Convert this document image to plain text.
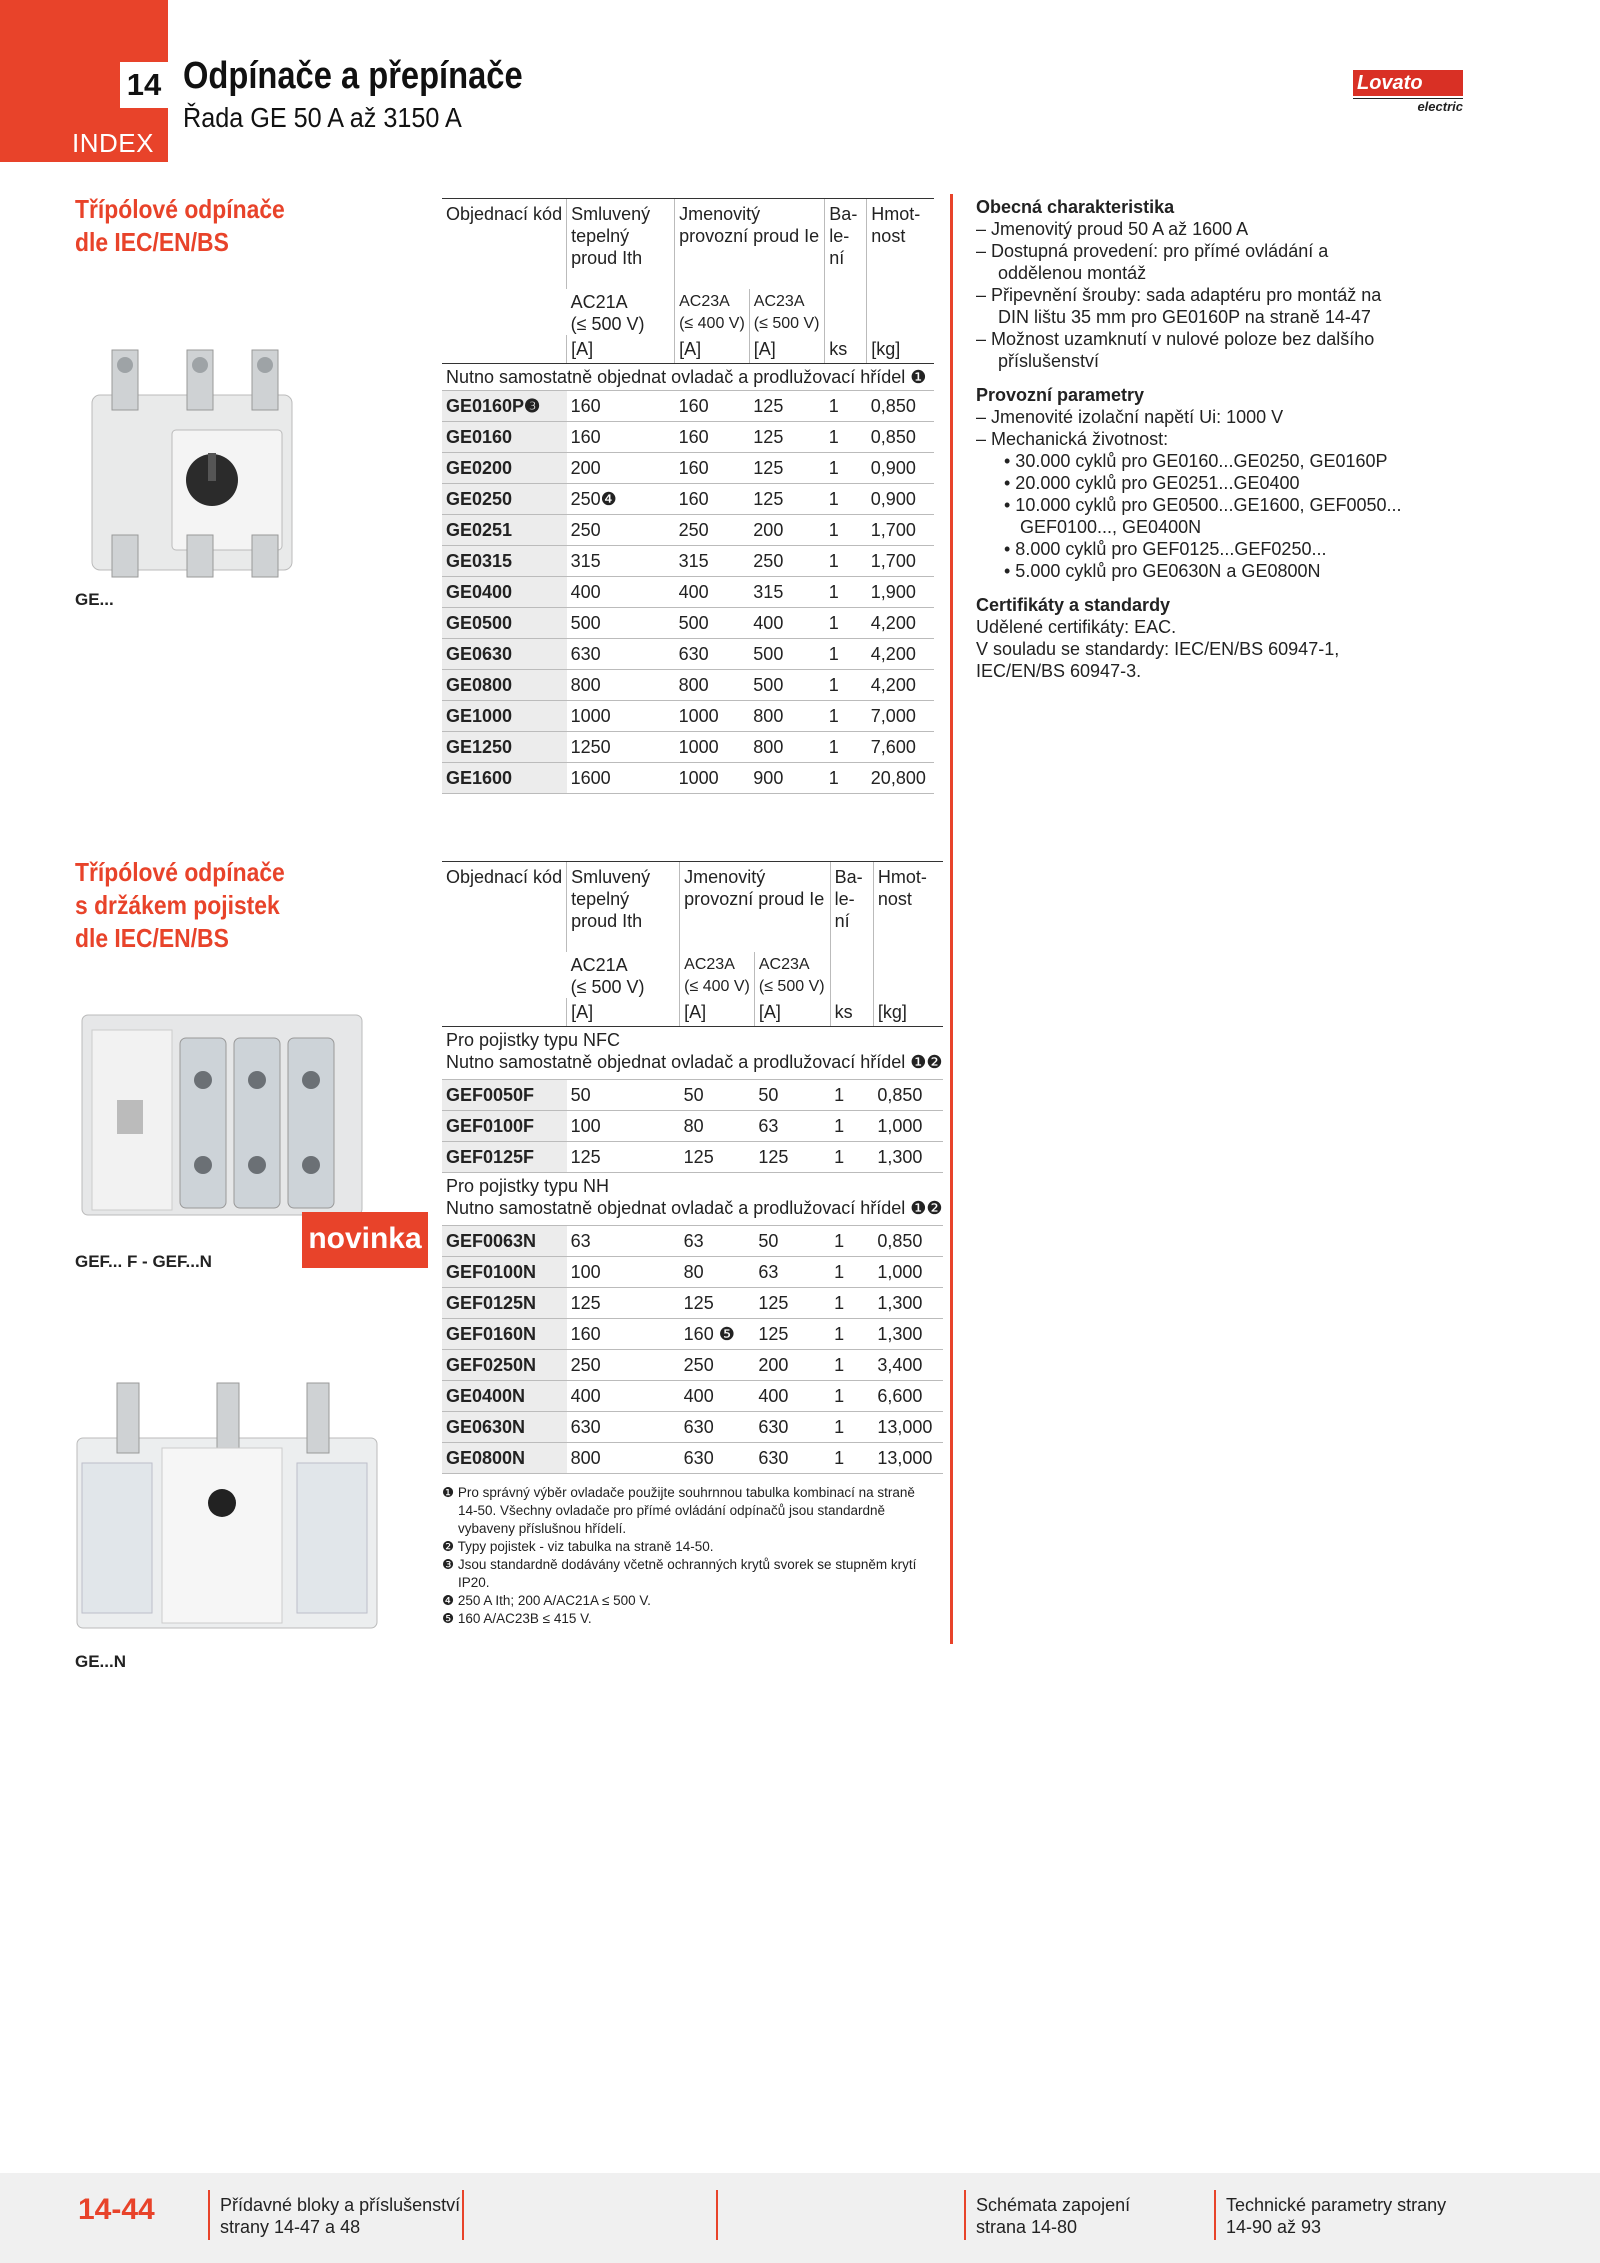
14
INDEX
Odpínače a přepínače
Řada GE 50 A až 3150 A
Lovato
electric
Třípólové odpínače
dle IEC/EN/BS
GE...
Objednací kód	Smluvený tepelný proud Ith	Jmenovitý provozní proud Ie		Ba- le- ní	Hmot- nost
	AC21A
(≤ 500 V)	AC23A
(≤ 400 V)	AC23A
(≤ 500 V)		
	[A]	[A]	[A]	ks	[kg]
Nutno samostatně objednat ovladač a prodlužovací hřídel ❶					
GE0160P❸	160	160	125	1	0,850
GE0160	160	160	125	1	0,850
GE0200	200	160	125	1	0,900
GE0250	250❹	160	125	1	0,900
GE0251	250	250	200	1	1,700
GE0315	315	315	250	1	1,700
GE0400	400	400	315	1	1,900
GE0500	500	500	400	1	4,200
GE0630	630	630	500	1	4,200
GE0800	800	800	500	1	4,200
GE1000	1000	1000	800	1	7,000
GE1250	1250	1000	800	1	7,600
GE1600	1600	1000	900	1	20,800
Třípólové odpínače
s držákem pojistek
dle IEC/EN/BS
novinka
GEF... F - GEF...N
GE...N
Objednací kód	Smluvený tepelný proud Ith	Jmenovitý provozní proud Ie		Ba- le- ní	Hmot- nost
	AC21A
(≤ 500 V)	AC23A
(≤ 400 V)	AC23A
(≤ 500 V)		
	[A]	[A]	[A]	ks	[kg]

Pro pojistky typu NFC
Nutno samostatně objednat ovladač a prodlužovací hřídel ❶❷					

GEF0050F	50	50	50	1	0,850
GEF0100F	100	80	63	1	1,000
GEF0125F	125	125	125	1	1,300

Pro pojistky typu NH
Nutno samostatně objednat ovladač a prodlužovací hřídel ❶❷					

GEF0063N	63	63	50	1	0,850
GEF0100N	100	80	63	1	1,000
GEF0125N	125	125	125	1	1,300
GEF0160N	160	160 ❺	125	1	1,300
GEF0250N	250	250	200	1	3,400
GE0400N	400	400	400	1	6,600
GE0630N	630	630	630	1	13,000
GE0800N	800	630	630	1	13,000
❶ Pro správný výběr ovladače použijte souhrnnou tabulka kombinací na straně 14-50. Všechny ovladače pro přímé ovládání odpínačů jsou standardně vybaveny příslušnou hřídelí.
❷ Typy pojistek - viz tabulka na straně 14-50.
❸ Jsou standardně dodávány včetně ochranných krytů svorek se stupněm krytí IP20.
❹ 250 A Ith; 200 A/AC21A ≤ 500 V.
❺ 160 A/AC23B ≤ 415 V.
Obecná charakteristika
– Jmenovitý proud 50 A až 1600 A
– Dostupná provedení: pro přímé ovládání a oddělenou montáž
– Připevnění šrouby: sada adaptéru pro montáž na DIN lištu 35 mm pro GE0160P na straně 14-47
– Možnost uzamknutí v nulové poloze bez dalšího příslušenství
Provozní parametry
– Jmenovité izolační napětí Ui: 1000 V
– Mechanická životnost:
• 30.000 cyklů pro GE0160...GE0250, GE0160P
• 20.000 cyklů pro GE0251...GE0400
• 10.000 cyklů pro GE0500...GE1600, GEF0050... GEF0100..., GE0400N
• 8.000 cyklů pro GEF0125...GEF0250...
• 5.000 cyklů pro GE0630N a GE0800N
Certifikáty a standardy
Udělené certifikáty: EAC.
V souladu se standardy: IEC/EN/BS 60947-1, IEC/EN/BS 60947-3.
14-44	Přídavné bloky a příslušenství
strany 14-47 a 48
Schémata zapojení
strana 14-80
Technické parametry strany
14-90 až 93
